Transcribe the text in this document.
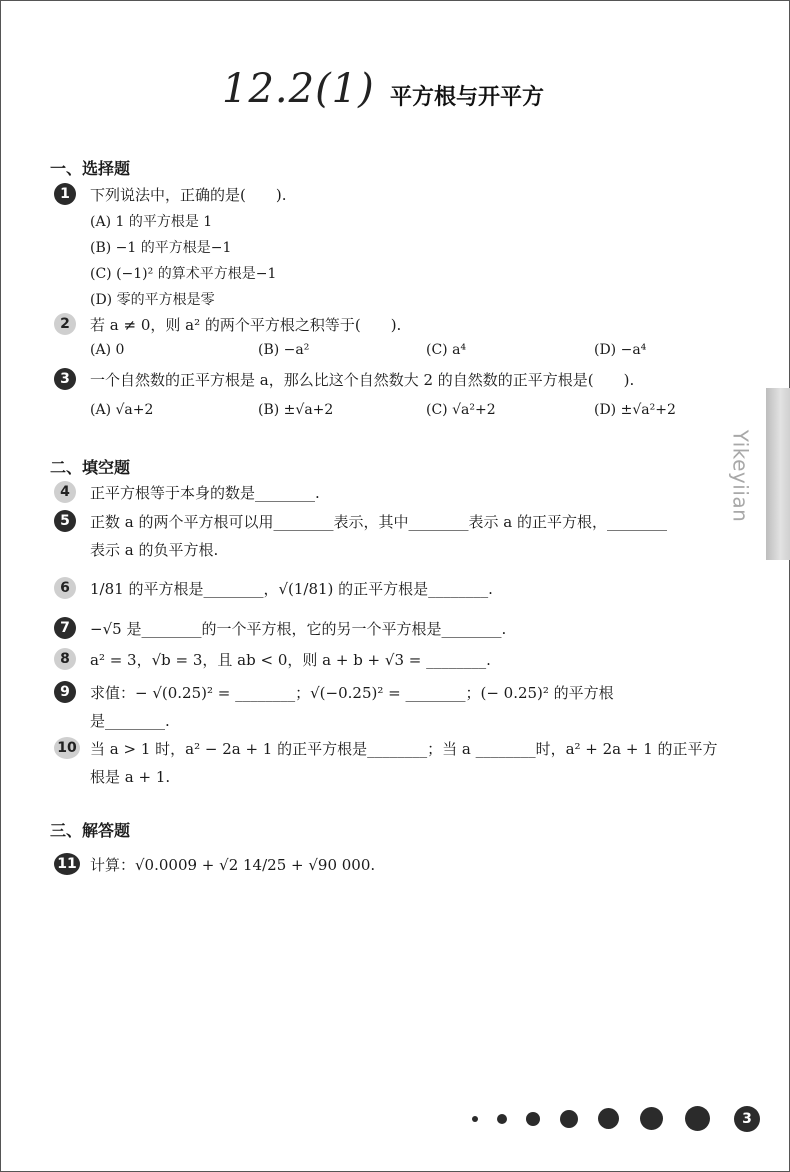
12.2(1) 平方根与开平方
一、选择题
1	下列说法中，正确的是(　　).
(A) 1 的平方根是 1
(B) −1 的平方根是−1
(C) (−1)² 的算术平方根是−1
(D) 零的平方根是零
2	若 a ≠ 0，则 a² 的两个平方根之积等于(　　).
(A) 0	(B) −a²	(C) a⁴	(D) −a⁴
3	一个自然数的正平方根是 a，那么比这个自然数大 2 的自然数的正平方根是(　　).
(A) √a+2	(B) ±√a+2	(C) √a²+2	(D) ±√a²+2
二、填空题
4	正平方根等于本身的数是________.
5	正数 a 的两个平方根可以用________表示，其中________表示 a 的正平方根，________
表示 a 的负平方根.
6	1/81 的平方根是________，√(1/81) 的正平方根是________.
7	−√5 是________的一个平方根，它的另一个平方根是________.
8	a² = 3，√b = 3，且 ab < 0，则 a + b + √3 = ________.
9	求值：− √(0.25)² = ________；√(−0.25)² = ________；(− 0.25)² 的平方根
是________.
10 当 a > 1 时，a² − 2a + 1 的正平方根是________；当 a ________时，a² + 2a + 1 的正平方
根是 a + 1.
三、解答题
11 计算：√0.0009 + √2 14/25 + √90 000.
Yikeyiian
3
